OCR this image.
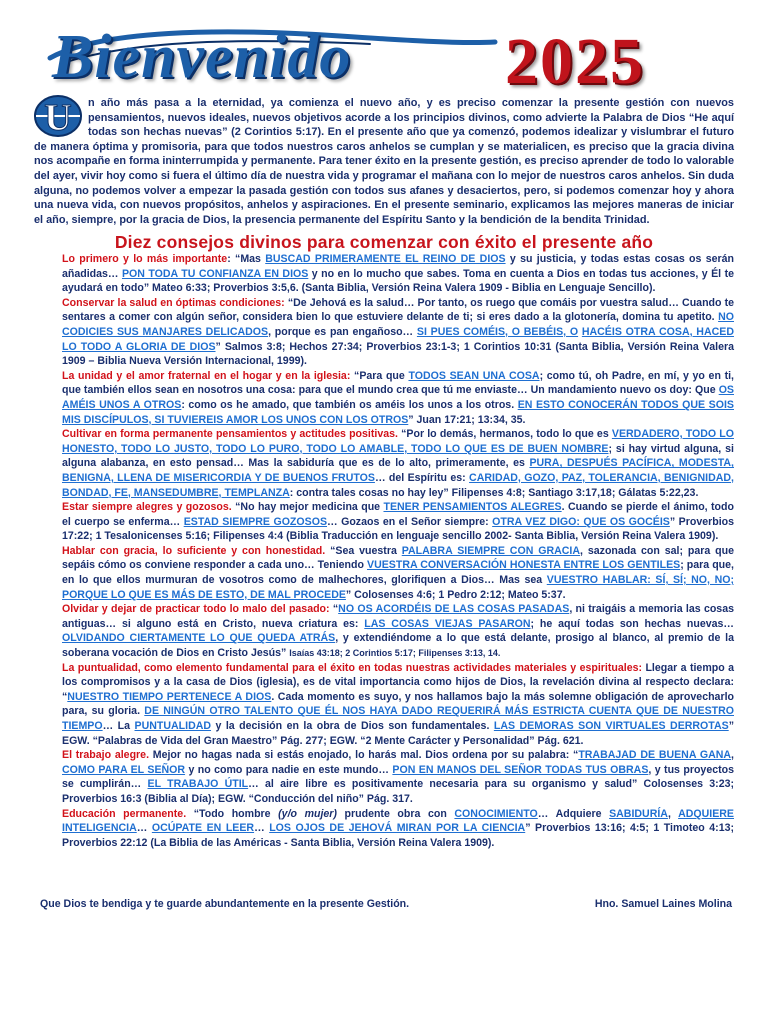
Bienvenido 2025
U n año más pasa a la eternidad, ya comienza el nuevo año, y es preciso comenzar la presente gestión con nuevos pensamientos, nuevos ideales, nuevos objetivos acorde a los principios divinos, como advierte la Palabra de Dios “He aquí todas son hechas nuevas” (2 Corintios 5:17). En el presente año que ya comenzó, podemos idealizar y vislumbrar el futuro de manera óptima y promisoria, para que todos nuestros caros anhelos se cumplan y se materialicen, es preciso que la gracia divina nos acompañe en forma ininterrumpida y permanente. Para tener éxito en la presente gestión, es preciso aprender de todo lo valorable del ayer, vivir hoy como si fuera el último día de nuestra vida y programar el mañana con lo mejor de nuestros caros anhelos. Sin duda alguna, no podemos volver a empezar la pasada gestión con todos sus afanes y desaciertos, pero, si podemos comenzar hoy y ahora una nueva vida, con nuevos propósitos, anhelos y aspiraciones. En el presente seminario, explicamos las mejores maneras de iniciar el año, siempre, por la gracia de Dios, la presencia permanente del Espíritu Santo y la bendición de la bendita Trinidad.
Diez consejos divinos para comenzar con éxito el presente año

Lo primero y lo más importante: “Mas BUSCAD PRIMERAMENTE EL REINO DE DIOS y su justicia, y todas estas cosas os serán añadidas… PON TODA TU CONFIANZA EN DIOS y no en lo mucho que sabes. Toma en cuenta a Dios en todas tus acciones, y Él te ayudará en todo” Mateo 6:33; Proverbios 3:5,6. (Santa Biblia, Versión Reina Valera 1909 - Biblia en Lenguaje Sencillo).

Conservar la salud en óptimas condiciones: “De Jehová es la salud… Por tanto, os ruego que comáis por vuestra salud… Cuando te sentares a comer con algún señor, considera bien lo que estuviere delante de ti; si eres dado a la glotonería, domina tu apetito. NO CODICIES SUS MANJARES DELICADOS, porque es pan engañoso… SI PUES COMÉIS, O BEBÉIS, O HACÉIS OTRA COSA, HACED LO TODO A GLORIA DE DIOS” Salmos 3:8; Hechos 27:34; Proverbios 23:1-3; 1 Corintios 10:31 (Santa Biblia, Versión Reina Valera 1909 – Biblia Nueva Versión Internacional, 1999).

La unidad y el amor fraternal en el hogar y en la iglesia: “Para que TODOS SEAN UNA COSA; como tú, oh Padre, en mí, y yo en ti, que también ellos sean en nosotros una cosa: para que el mundo crea que tú me enviaste… Un mandamiento nuevo os doy: Que OS AMÉIS UNOS A OTROS: como os he amado, que también os améis los unos a los otros. EN ESTO CONOCERÁN TODOS QUE SOIS MIS DISCÍPULOS, SI TUVIEREIS AMOR LOS UNOS CON LOS OTROS” Juan 17:21; 13:34, 35.

Cultivar en forma permanente pensamientos y actitudes positivas. “Por lo demás, hermanos, todo lo que es VERDADERO, TODO LO HONESTO, TODO LO JUSTO, TODO LO PURO, TODO LO AMABLE, TODO LO QUE ES DE BUEN NOMBRE; si hay virtud alguna, si alguna alabanza, en esto pensad… Mas la sabiduría que es de lo alto, primeramente, es PURA, DESPUÉS PACÍFICA, MODESTA, BENIGNA, LLENA DE MISERICORDIA Y DE BUENOS FRUTOS… del Espíritu es: CARIDAD, GOZO, PAZ, TOLERANCIA, BENIGNIDAD, BONDAD, FE, MANSEDUMBRE, TEMPLANZA: contra tales cosas no hay ley” Filipenses 4:8; Santiago 3:17,18; Gálatas 5:22,23.

Estar siempre alegres y gozosos. “No hay mejor medicina que TENER PENSAMIENTOS ALEGRES. Cuando se pierde el ánimo, todo el cuerpo se enferma… ESTAD SIEMPRE GOZOSOS… Gozaos en el Señor siempre: OTRA VEZ DIGO: QUE OS GOCÉIS” Proverbios 17:22; 1 Tesalonicenses 5:16; Filipenses 4:4 (Biblia Traducción en lenguaje sencillo 2002- Santa Biblia, Versión Reina Valera 1909).

Hablar con gracia, lo suficiente y con honestidad. “Sea vuestra PALABRA SIEMPRE CON GRACIA, sazonada con sal; para que sepáis cómo os conviene responder a cada uno… Teniendo VUESTRA CONVERSACIÓN HONESTA ENTRE LOS GENTILES; para que, en lo que ellos murmuran de vosotros como de malhechores, glorifiquen a Dios… Mas sea VUESTRO HABLAR: SÍ, SÍ; NO, NO; PORQUE LO QUE ES MÁS DE ESTO, DE MAL PROCEDE” Colosenses 4:6; 1 Pedro 2:12; Mateo 5:37.

Olvidar y dejar de practicar todo lo malo del pasado: “NO OS ACORDÉIS DE LAS COSAS PASADAS, ni traigáis a memoria las cosas antiguas… si alguno está en Cristo, nueva criatura es: LAS COSAS VIEJAS PASARON; he aquí todas son hechas nuevas… OLVIDANDO CIERTAMENTE LO QUE QUEDA ATRÁS, y extendiéndome a lo que está delante, prosigo al blanco, al premio de la soberana vocación de Dios en Cristo Jesús” Isaías 43:18; 2 Corintios 5:17; Filipenses 3:13, 14.

La puntualidad, como elemento fundamental para el éxito en todas nuestras actividades materiales y espirituales: Llegar a tiempo a los compromisos y a la casa de Dios (iglesia), es de vital importancia como hijos de Dios, la revelación divina al respecto declara: “NUESTRO TIEMPO PERTENECE A DIOS. Cada momento es suyo, y nos hallamos bajo la más solemne obligación de aprovecharlo para, su gloria. DE NINGÚN OTRO TALENTO QUE ÉL NOS HAYA DADO REQUERIRÁ MÁS ESTRICTA CUENTA QUE DE NUESTRO TIEMPO… La PUNTUALIDAD y la decisión en la obra de Dios son fundamentales. LAS DEMORAS SON VIRTUALES DERROTAS” EGW. “Palabras de Vida del Gran Maestro” Pág. 277; EGW. “2 Mente Carácter y Personalidad” Pág. 621.

El trabajo alegre. Mejor no hagas nada si estás enojado, lo harás mal. Dios ordena por su palabra: “TRABAJAD DE BUENA GANA, COMO PARA EL SEÑOR y no como para nadie en este mundo… PON EN MANOS DEL SEÑOR TODAS TUS OBRAS, y tus proyectos se cumplirán… EL TRABAJO ÚTIL… al aire libre es positivamente necesaria para su organismo y salud” Colosenses 3:23; Proverbios 16:3 (Biblia al Día); EGW. “Conducción del niño” Pág. 317.

Educación permanente. “Todo hombre (y/o mujer) prudente obra con CONOCIMIENTO… Adquiere SABIDURÍA, ADQUIERE INTELIGENCIA… OCÚPATE EN LEER… LOS OJOS DE JEHOVÁ MIRAN POR LA CIENCIA” Proverbios 13:16; 4:5; 1 Timoteo 4:13; Proverbios 22:12 (La Biblia de las Américas - Santa Biblia, Versión Reina Valera 1909).

Que Dios te bendiga y te guarde abundantemente en la presente Gestión.	Hno. Samuel Laines Molina
